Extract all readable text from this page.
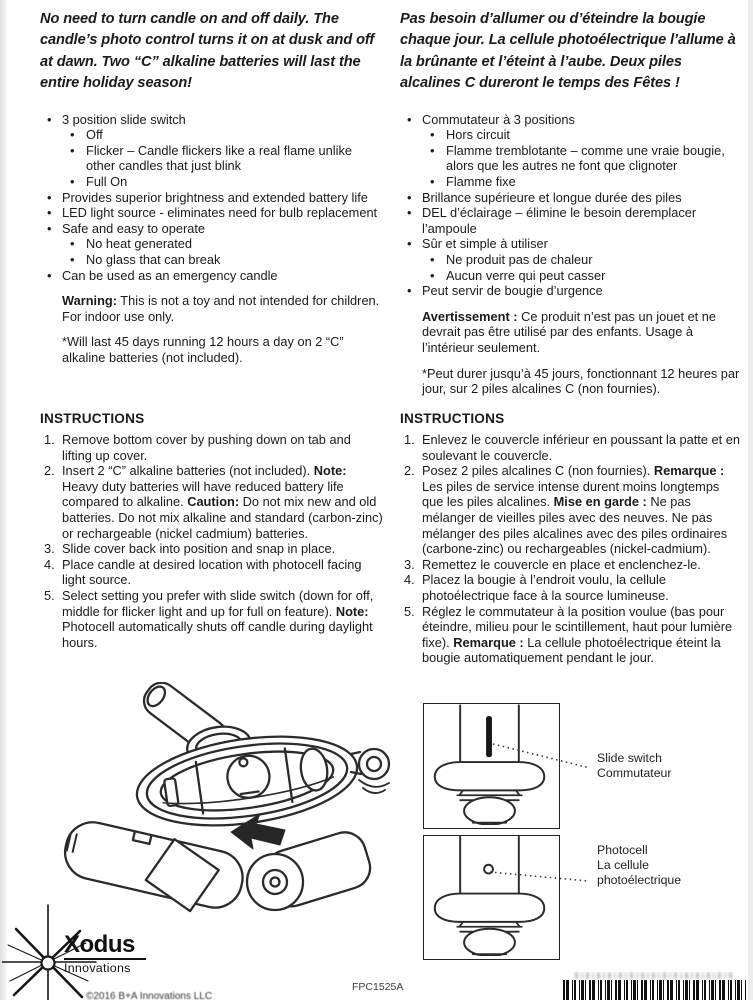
No need to turn candle on and off daily. The candle’s photo control turns it on at dusk and off at dawn. Two “C” alkaline batteries will last the entire holiday season!
• 3 position slide switch
• Off
• Flicker – Candle flickers like a real flame unlike other candles that just blink
• Full On
• Provides superior brightness and extended battery life
• LED light source - eliminates need for bulb replacement
• Safe and easy to operate
• No heat generated
• No glass that can break
• Can be used as an emergency candle
Warning: This is not a toy and not intended for children. For indoor use only.
*Will last 45 days running 12 hours a day on 2 “C” alkaline batteries (not included).
INSTRUCTIONS
Remove bottom cover by pushing down on tab and lifting up cover.
Insert 2 “C” alkaline batteries (not included). Note: Heavy duty batteries will have reduced battery life compared to alkaline. Caution: Do not mix new and old batteries. Do not mix alkaline and standard (carbon-zinc) or rechargeable (nickel cadmium) batteries.
Slide cover back into position and snap in place.
Place candle at desired location with photocell facing light source.
Select setting you prefer with slide switch (down for off, middle for flicker light and up for full on feature). Note: Photocell automatically shuts off candle during daylight hours.
Pas besoin d’allumer ou d’éteindre la bougie chaque jour. La cellule photoélectrique l’allume à la brûnante et l’éteint à l’aube. Deux piles alcalines C dureront le temps des Fêtes !
• Commutateur à 3 positions
• Hors circuit
• Flamme tremblotante – comme une vraie bougie, alors que les autres ne font que clignoter
• Flamme fixe
• Brillance supérieure et longue durée des piles
• DEL d’éclairage – élimine le besoin deremplacer l’ampoule
• Sûr et simple à utiliser
• Ne produit pas de chaleur
• Aucun verre qui peut casser
• Peut servir de bougie d’urgence
Avertissement : Ce produit n’est pas un jouet et ne devrait pas être utilisé par des enfants. Usage à l’intérieur seulement.
*Peut durer jusqu’à 45 jours, fonctionnant 12 heures par jour, sur 2 piles alcalines C (non fournies).
INSTRUCTIONS
Enlevez le couvercle inférieur en poussant la patte et en soulevant le couvercle.
Posez 2 piles alcalines C (non fournies). Remarque : Les piles de service intense durent moins longtemps que les piles alcalines. Mise en garde : Ne pas mélanger de vieilles piles avec des neuves. Ne pas mélanger des piles alcalines avec des piles ordinaires (carbone-zinc) ou rechargeables (nickel-cadmium).
Remettez le couvercle en place et enclenchez-le.
Placez la bougie à l’endroit voulu, la cellule photoélectrique face à la source lumineuse.
Réglez le commutateur à la position voulue (bas pour éteindre, milieu pour le scintillement, haut pour lumière fixe). Remarque : La cellule photoélectrique éteint la bougie automatiquement pendant le jour.
Slide switch
Commutateur
Photocell
La cellule
photoélectrique
Xodus
Innovations
©2016 B+A Innovations LLC
FPC1525A
